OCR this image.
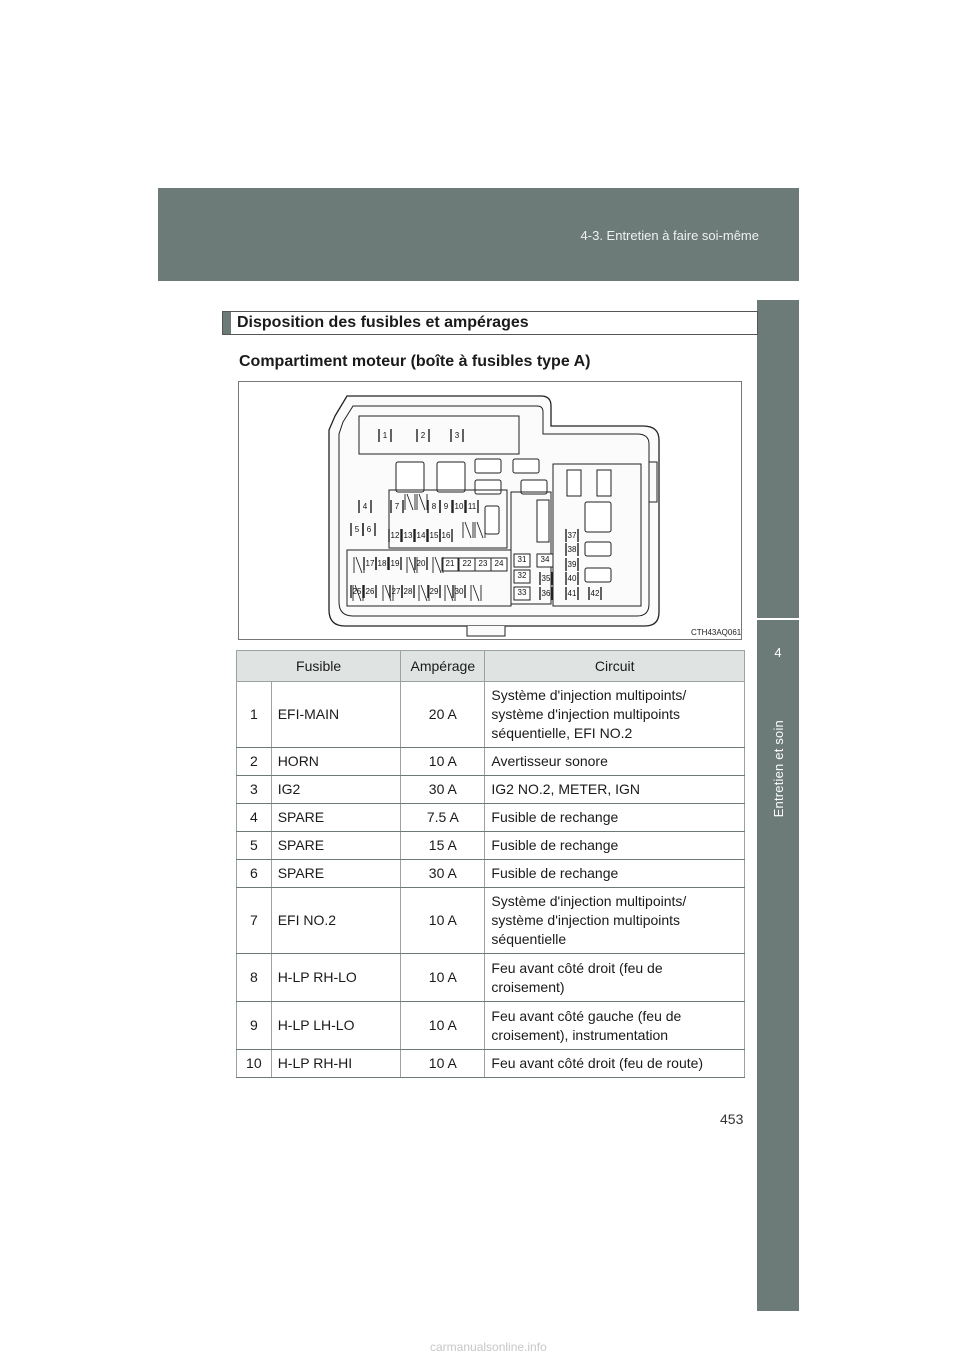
4-3. Entretien à faire soi-même
4
Entretien et soin
Disposition des fusibles et ampérages
Compartiment moteur (boîte à fusibles type A)
1	2	3
4
5 6
7	8 9 10 11
12 13 14 15 16
17 18 19 20	21 22 23 24
25 26 27 28 29 30
31
32
33
34
35
36
37
38
39
40
41 42
CTH43AQ061
Fusible		Ampérage	Circuit
1	EFI-MAIN	20 A	Système d'injection multipoints/ système d'injection multipoints séquentielle, EFI NO.2
2	HORN	10 A	Avertisseur sonore
3	IG2	30 A	IG2 NO.2, METER, IGN
4	SPARE	7.5 A	Fusible de rechange
5	SPARE	15 A	Fusible de rechange
6	SPARE	30 A	Fusible de rechange
7	EFI NO.2	10 A	Système d'injection multipoints/ système d'injection multipoints séquentielle
8	H-LP RH-LO	10 A	Feu avant côté droit (feu de croisement)
9	H-LP LH-LO	10 A	Feu avant côté gauche (feu de croisement), instrumentation
10	H-LP RH-HI	10 A	Feu avant côté droit (feu de route)
453
carmanualsonline.info
